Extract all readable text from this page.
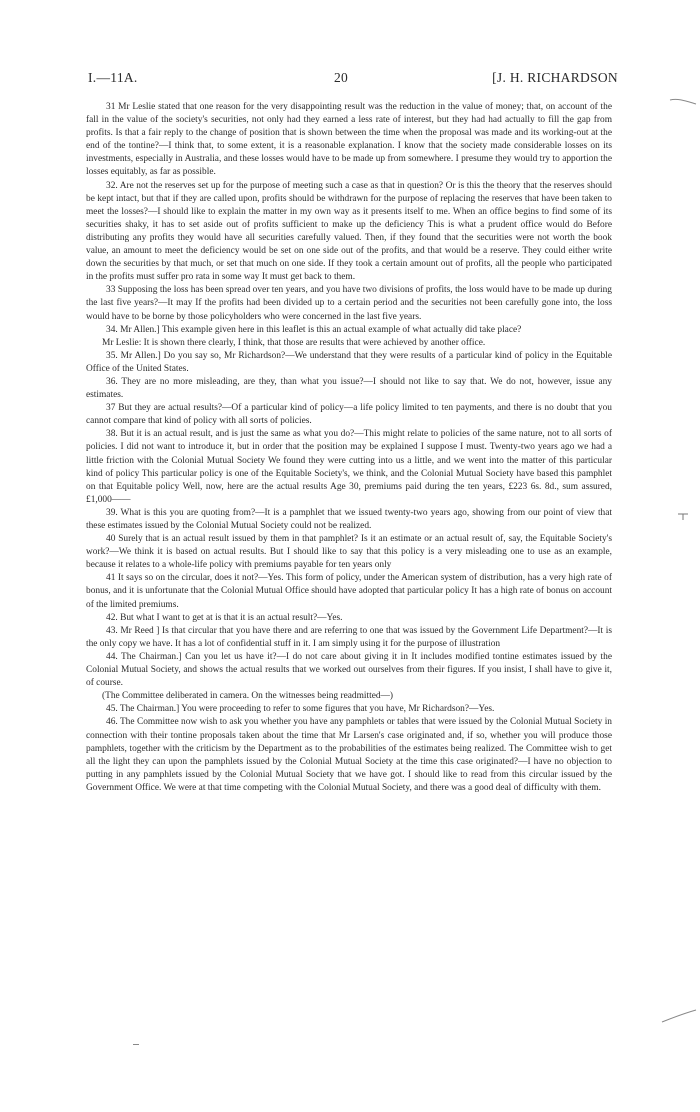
I.—11A.	20	[J. H. RICHARDSON

31 Mr Leslie stated that one reason for the very disappointing result was the reduction in the value of money; that, on account of the fall in the value of the society's securities, not only had they earned a less rate of interest, but they had had actually to fill the gap from profits. Is that a fair reply to the change of position that is shown between the time when the proposal was made and its working-out at the end of the tontine?—I think that, to some extent, it is a reasonable explanation. I know that the society made considerable losses on its investments, especially in Australia, and these losses would have to be made up from somewhere. I presume they would try to apportion the losses equitably, as far as possible.

32. Are not the reserves set up for the purpose of meeting such a case as that in question? Or is this the theory that the reserves should be kept intact, but that if they are called upon, profits should be withdrawn for the purpose of replacing the reserves that have been taken to meet the losses?—I should like to explain the matter in my own way as it presents itself to me. When an office begins to find some of its securities shaky, it has to set aside out of profits sufficient to make up the deficiency This is what a prudent office would do Before distributing any profits they would have all securities carefully valued. Then, if they found that the securities were not worth the book value, an amount to meet the deficiency would be set on one side out of the profits, and that would be a reserve. They could either write down the securities by that much, or set that much on one side. If they took a certain amount out of profits, all the people who participated in the profits must suffer pro rata in some way It must get back to them.

33 Supposing the loss has been spread over ten years, and you have two divisions of profits, the loss would have to be made up during the last five years?—It may If the profits had been divided up to a certain period and the securities not been carefully gone into, the loss would have to be borne by those policyholders who were concerned in the last five years.

34. Mr Allen.] This example given here in this leaflet is this an actual example of what actually did take place?

Mr Leslie: It is shown there clearly, I think, that those are results that were achieved by another office.

35. Mr Allen.] Do you say so, Mr Richardson?—We understand that they were results of a particular kind of policy in the Equitable Office of the United States.

36. They are no more misleading, are they, than what you issue?—I should not like to say that. We do not, however, issue any estimates.

37 But they are actual results?—Of a particular kind of policy—a life policy limited to ten payments, and there is no doubt that you cannot compare that kind of policy with all sorts of policies.

38. But it is an actual result, and is just the same as what you do?—This might relate to policies of the same nature, not to all sorts of policies. I did not want to introduce it, but in order that the position may be explained I suppose I must. Twenty-two years ago we had a little friction with the Colonial Mutual Society We found they were cutting into us a little, and we went into the matter of this particular kind of policy This particular policy is one of the Equitable Society's, we think, and the Colonial Mutual Society have based this pamphlet on that Equitable policy Well, now, here are the actual results Age 30, premiums paid during the ten years, £223 6s. 8d., sum assured, £1,000——

39. What is this you are quoting from?—It is a pamphlet that we issued twenty-two years ago, showing from our point of view that these estimates issued by the Colonial Mutual Society could not be realized.

40 Surely that is an actual result issued by them in that pamphlet? Is it an estimate or an actual result of, say, the Equitable Society's work?—We think it is based on actual results. But I should like to say that this policy is a very misleading one to use as an example, because it relates to a whole-life policy with premiums payable for ten years only

41 It says so on the circular, does it not?—Yes. This form of policy, under the American system of distribution, has a very high rate of bonus, and it is unfortunate that the Colonial Mutual Office should have adopted that particular policy It has a high rate of bonus on account of the limited premiums.

42. But what I want to get at is that it is an actual result?—Yes.

43. Mr Reed ] Is that circular that you have there and are referring to one that was issued by the Government Life Department?—It is the only copy we have. It has a lot of confidential stuff in it. I am simply using it for the purpose of illustration

44. The Chairman.] Can you let us have it?—I do not care about giving it in It includes modified tontine estimates issued by the Colonial Mutual Society, and shows the actual results that we worked out ourselves from their figures. If you insist, I shall have to give it, of course.

(The Committee deliberated in camera. On the witnesses being readmitted—)

45. The Chairman.] You were proceeding to refer to some figures that you have, Mr Richardson?—Yes.

46. The Committee now wish to ask you whether you have any pamphlets or tables that were issued by the Colonial Mutual Society in connection with their tontine proposals taken about the time that Mr Larsen's case originated and, if so, whether you will produce those pamphlets, together with the criticism by the Department as to the probabilities of the estimates being realized. The Committee wish to get all the light they can upon the pamphlets issued by the Colonial Mutual Society at the time this case originated?—I have no objection to putting in any pamphlets issued by the Colonial Mutual Society that we have got. I should like to read from this circular issued by the Government Office. We were at that time competing with the Colonial Mutual Society, and there was a good deal of difficulty with them.
